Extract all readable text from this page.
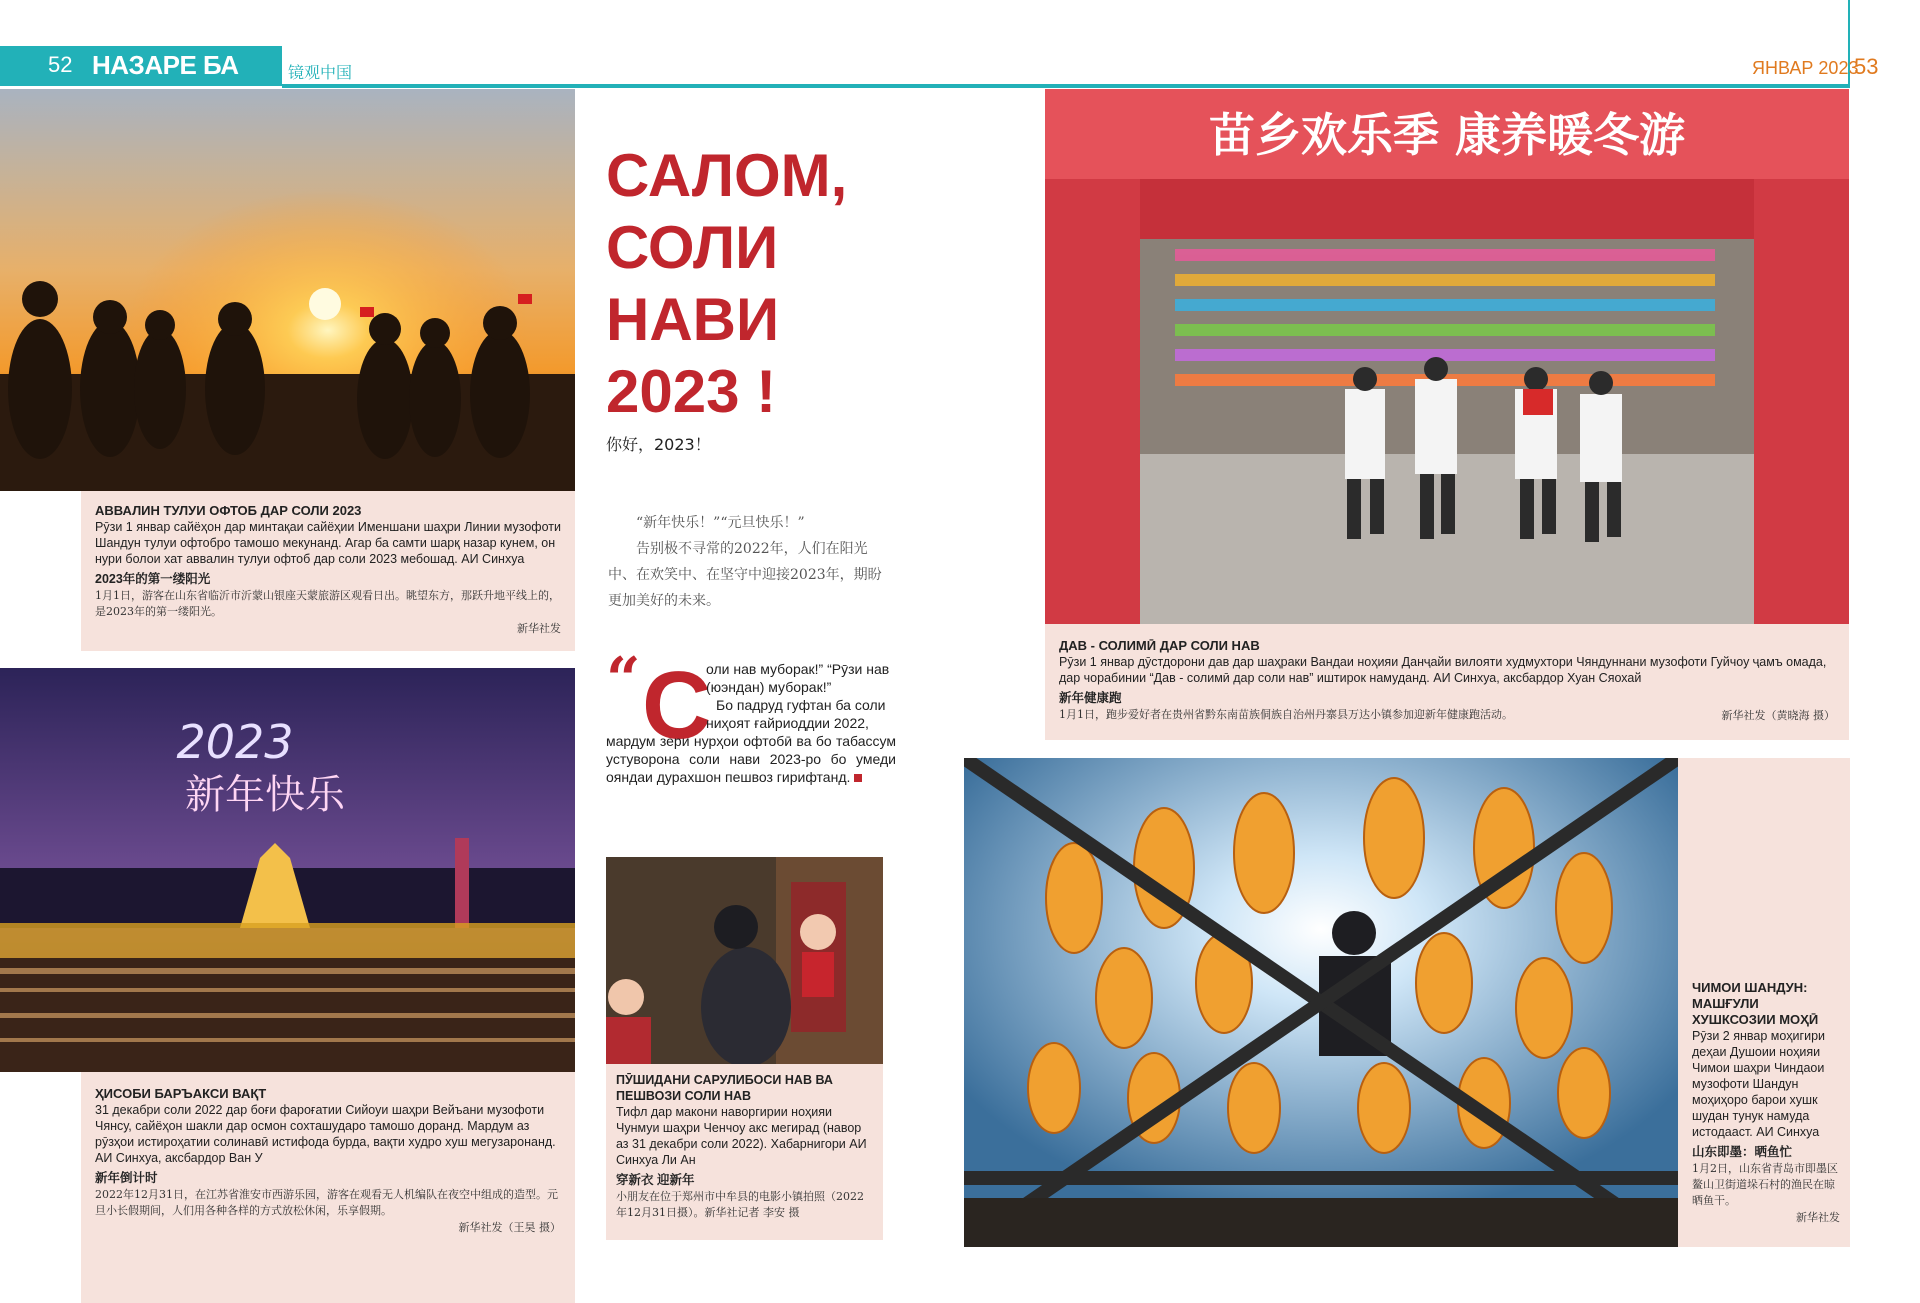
52 НАЗАРЕ БА	镜观中国	ЯНВАР 2023
53
АВВАЛИН ТУЛУИ ОФТОБ ДАР СОЛИ 2023
Рӯзи 1 январ сайёҳон дар минтақаи сайёҳии Именшани шаҳри Линии музофоти Шандун тулуи офтобро тамошо мекунанд. Агар ба самти шарқ назар кунем, он нури болои хат аввалин тулуи офтоб дар соли 2023 мебошад. АИ Синхуа
2023年的第一缕阳光
1月1日，游客在山东省临沂市沂蒙山银座天蒙旅游区观看日出。眺望东方，那跃升地平线上的，是2023年的第一缕阳光。
新华社发
2023
新年快乐
ҲИСОБИ БАРЪАКСИ ВАҚТ
31 декабри соли 2022 дар боғи фароғатии Сийоуи шаҳри Вейъани музофоти Чянсу, сайёҳон шакли дар осмон сохташударо тамошо доранд. Мардум аз рӯзҳои истироҳатии солинавӣ истифода бурда, вақти худро хуш мегузаронанд. АИ Синхуа, аксбардор Ван У
新年倒计时
2022年12月31日，在江苏省淮安市西游乐园，游客在观看无人机编队在夜空中组成的造型。元旦小长假期间，人们用各种各样的方式放松休闲，乐享假期。
新华社发（王昊 摄）
САЛОМ,
СОЛИ
НАВИ
2023 !
你好，2023！
“新年快乐！”“元旦快乐！”
告别极不寻常的2022年，人们在阳光中、在欢笑中、在坚守中迎接2023年，期盼更加美好的未来。
“ С

оли нав муборак!” “Рӯзи нав

(юэндан) муборак!”

Бо падруд гуфтан ба соли

ниҳоят ғайриоддии 2022,

мардум зери нурҳои офтобӣ ва бо табассум устуворона соли нави 2023-ро бо умеди ояндаи дурахшон пешвоз гирифтанд.

ПӮШИДАНИ САРУЛИБОСИ НАВ ВА ПЕШВОЗИ СОЛИ НАВ
Тифл дар макони наворгирии ноҳияи Чунмуи шаҳри Ченчоу акс мегирад (навор аз 31 декабри соли 2022). Хабарнигори АИ Синхуа Ли Ан
穿新衣 迎新年
小朋友在位于郑州市中牟县的电影小镇拍照（2022年12月31日摄）。新华社记者 李安 摄
苗乡欢乐季 康养暖冬游
ДАВ - СОЛИМӢ ДАР СОЛИ НАВ
Рӯзи 1 январ дӯстдорони дав дар шаҳраки Вандаи ноҳияи Данҷайи вилояти худмухтори Чяндуннани музофоти Гуйчоу ҷамъ омада, дар чорабинии “Дав - солимӣ дар соли нав” иштирок намуданд. АИ Синхуа, аксбардор Хуан Сяохай
新年健康跑
1月1日，跑步爱好者在贵州省黔东南苗族侗族自治州丹寨县万达小镇参加迎新年健康跑活动。	新华社发（黄晓海 摄）
ЧИМОИ ШАНДУН: МАШҒУЛИ ХУШКСОЗИИ МОҲӢ
Рӯзи 2 январ моҳигири деҳаи Душоии ноҳияи Чимои шаҳри Чиндаои музофоти Шандун моҳиҳоро барои хушк шудан тунук намуда истодааст. АИ Синхуа
山东即墨：晒鱼忙
1月2日，山东省青岛市即墨区鳌山卫街道垛石村的渔民在晾晒鱼干。
新华社发
